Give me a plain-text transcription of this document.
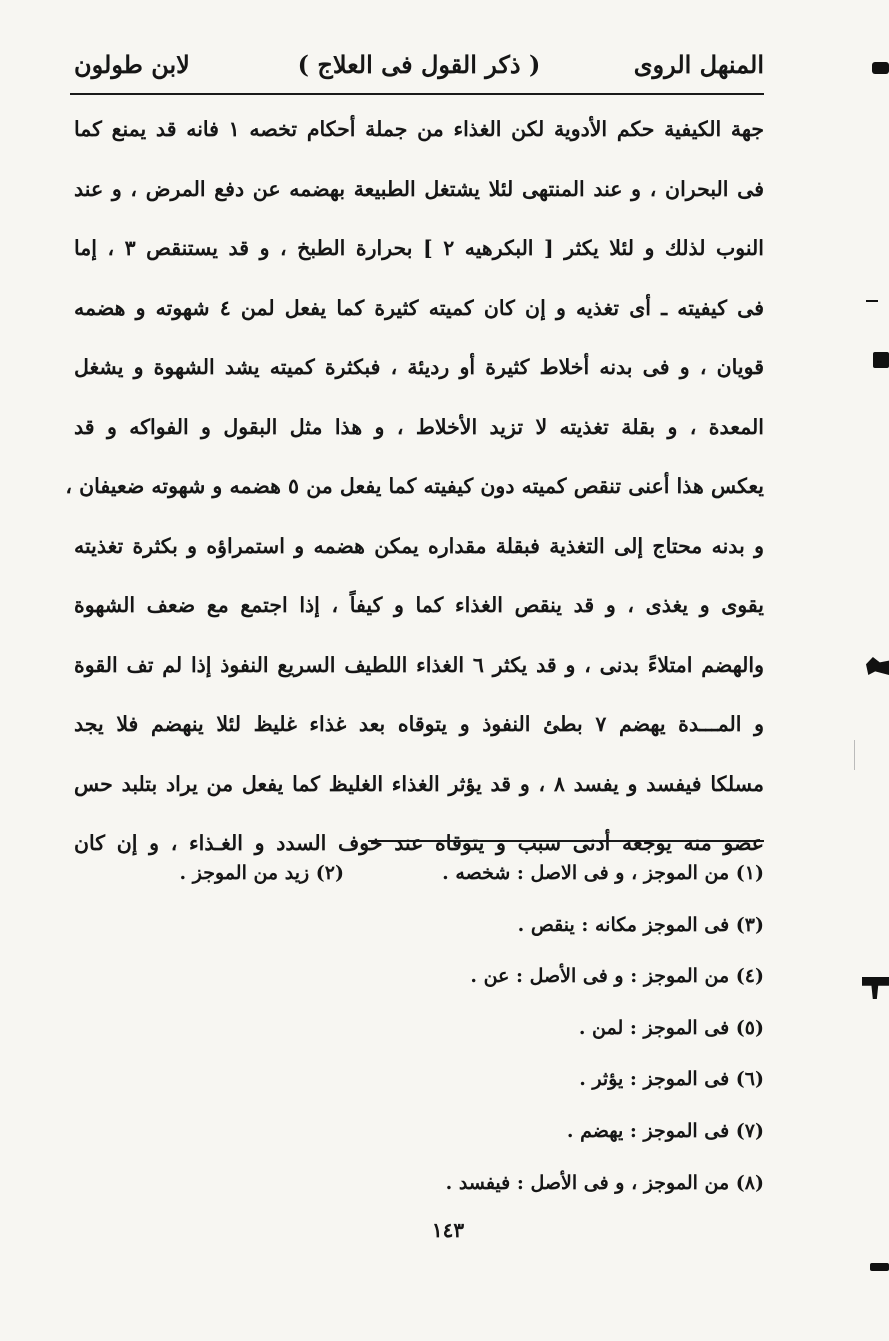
المنهل الروى
( ذكر القول فى العلاج )
لابن طولون
جهة الكيفية حكم الأدوية لكن الغذاء من جملة أحكام تخصه ١ فانه قد يمنع كما
فى البحران ، و عند المنتهى لئلا يشتغل الطبيعة بهضمه عن دفع المرض ، و عند
النوب لذلك و لئلا يكثر [ البكرهيه ٢ ] بحرارة الطبخ ، و قد يستنقص ٣ ، إما
فى كيفيته ـ أى تغذيه و إن كان كميته كثيرة كما يفعل لمن ٤ شهوته و هضمه
قويان ، و فى بدنه أخلاط كثيرة أو رديئة ، فبكثرة كميته يشد الشهوة و يشغل
المعدة ، و بقلة تغذيته لا تزيد الأخلاط ، و هذا مثل البقول و الفواكه و قد
يعكس هذا أعنى تنقص كميته دون كيفيته كما يفعل من ٥ هضمه و شهوته ضعيفان ،
و بدنه محتاج إلى التغذية فبقلة مقداره يمكن هضمه و استمراؤه و بكثرة تغذيته
يقوى و يغذى ، و قد ينقص الغذاء كما و كيفاً ، إذا اجتمع مع ضعف الشهوة
والهضم امتلاءً بدنى ، و قد يكثر ٦ الغذاء اللطيف السريع النفوذ إذا لم تف القوة
و المـــدة يهضم ٧ بطئ النفوذ و يتوقاه بعد غذاء غليظ لئلا ينهضم فلا يجد
مسلكا فيفسد و يفسد ٨ ، و قد يؤثر الغذاء الغليظ كما يفعل من يراد بتلبد حس
عضو منه يوجعه أدنى سبب و يتوقاه عند خوف السدد و الغـذاء ، و إن كان
(١) من الموجز ، و فى الاصل : شخصه .
(٢) زيد من الموجز .
(٣) فى الموجز مكانه : ينقص .
(٤) من الموجز : و فى الأصل : عن .
(٥) فى الموجز : لمن .
(٦) فى الموجز : يؤثر .
(٧) فى الموجز : يهضم .
(٨) من الموجز ، و فى الأصل : فيفسد .
١٤٣
